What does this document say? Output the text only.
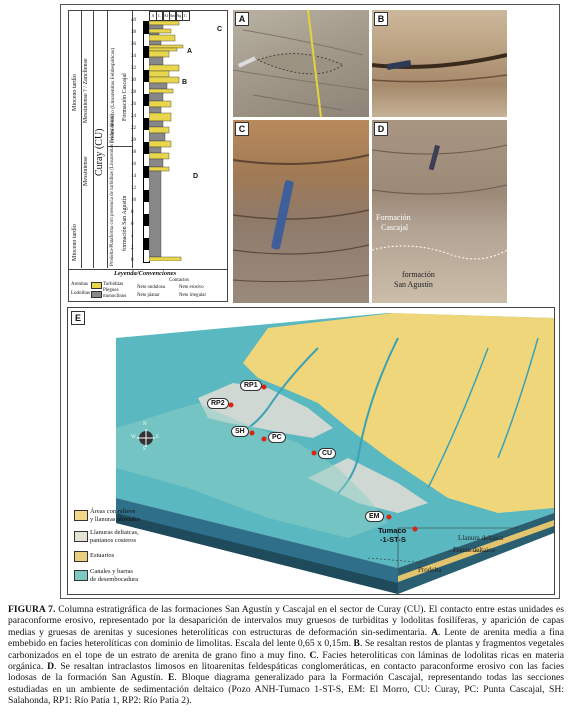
Mioceno tardío
Mioceno tardío
Messiniense ? / Zancliense
Messiniense Curay (CU)
Frente deltaico (Litoarenitas Feldespáticas) Formación Cascajal
Prodelta-Plataforma con presencia de turbiditas (Litoarenitas Feldespáticas) formación San Agustín
40
38
36
34
32
30
28
26
24
22
20
18
16
14
12
10
8
6
4
2
0
A L Af Am Ag C
C
A
B
D
Leyenda/Convenciones
Arenitas	Turbiditas
Lodolitas
Plegues monoclinos
Contactos
Neto ondulosa	Neto erosivo
Neto planar	Neto irregular
A	B
C	D
Formación
Cascajal
formación
San Agustín
E
RP1
RP2
SH
PC
CU
EM
Tumaco
-1-ST-S	Llanura deltaica
Frente deltaico
Prodelta
N
E
S
W
Áreas con relieve
y llanuras aluviales
Llanuras deltaicas,
pantanos costeros
Estuarios
Canales y barras
de desembocadura
FIGURA 7. Columna estratigráfica de las formaciones San Agustín y Cascajal en el sector de Curay (CU). El contacto entre estas unidades es paraconforme erosivo, representado por la desaparición de intervalos muy gruesos de turbiditas y lodolitas fosilíferas, y aparición de capas medias y gruesas de arenitas y sucesiones heterolíticas con estructuras de deformación sin-sedimentaria. A. Lente de arenita media a fina embebido en facies heterolíticas con dominio de limolitas. Escala del lente 0,65 x 0,15m. B. Se resaltan restos de plantas y fragmentos vegetales carbonizados en el tope de un estrato de arenita de grano fino a muy fino. C. Facies heterolíticas con láminas de lodolitas ricas en materia orgánica. D. Se resaltan intraclastos limosos en litoarenitas feldespáticas conglomeráticas, en contacto paraconforme erosivo con las facies lodosas de la formación San Agustín. E. Bloque diagrama generalizado para la Formación Cascajal, representando todas las secciones estudiadas en un ambiente de sedimentación deltaico (Pozo ANH-Tumaco 1-ST-S, EM: El Morro, CU: Curay, PC: Punta Cascajal, SH: Salahonda, RP1: Río Patía 1, RP2: Río Patía 2).
